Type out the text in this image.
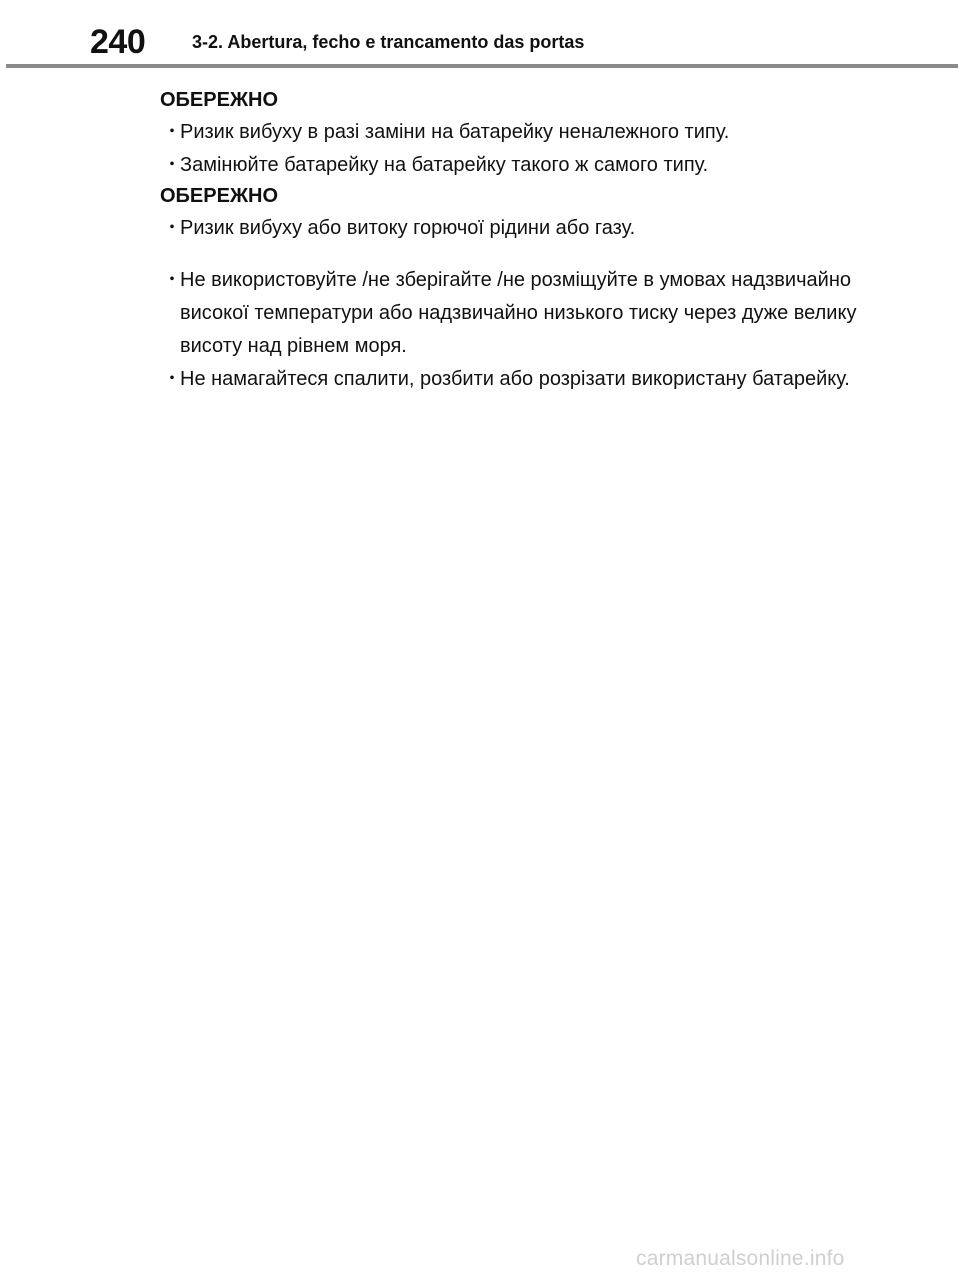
240	3-2. Abertura, fecho e trancamento das portas

ОБЕРЕЖНО

・
Ризик вибуху в разі заміни на батарейку неналежного типу.

・
Замінюйте батарейку на батарейку такого ж самого типу.

ОБЕРЕЖНО

・
Ризик вибуху або витоку горючої рідини або газу.

・
Не використовуйте /не зберігайте /не розміщуйте в умовах надзвичайно високої температури або надзвичайно низького тиску через дуже велику висоту над рівнем моря.

・
Не намагайтеся спалити, розбити або розрізати використану батарейку.

carmanualsonline.info
